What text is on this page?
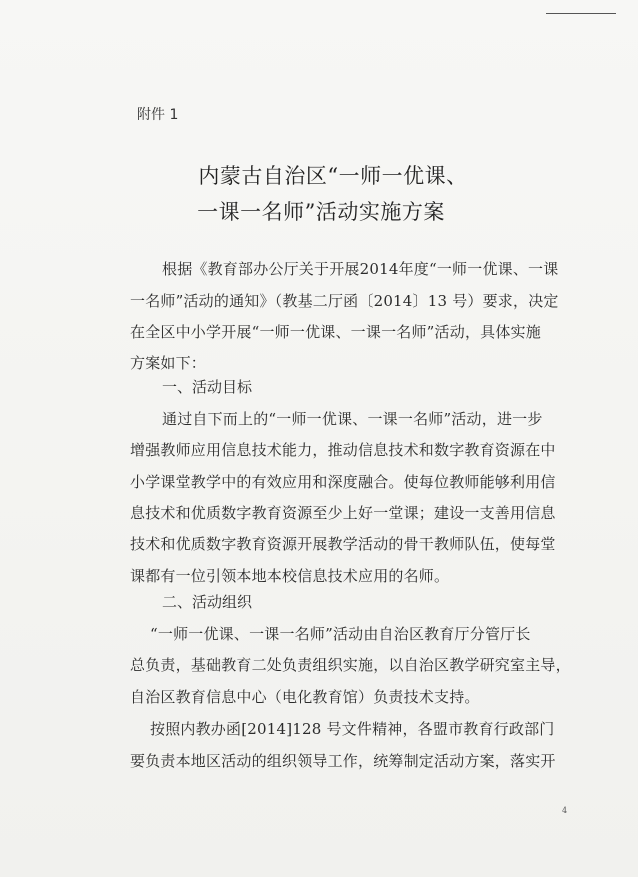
附件 1
内蒙古自治区“一师一优课、
一课一名师”活动实施方案
根据《教育部办公厅关于开展2014年度“一师一优课、一课
一名师”活动的通知》（教基二厅函〔2014〕13 号）要求，决定
在全区中小学开展“一师一优课、一课一名师”活动，具体实施
方案如下：
一、活动目标
通过自下而上的“一师一优课、一课一名师”活动，进一步
增强教师应用信息技术能力，推动信息技术和数字教育资源在中
小学课堂教学中的有效应用和深度融合。使每位教师能够利用信
息技术和优质数字教育资源至少上好一堂课；建设一支善用信息
技术和优质数字教育资源开展教学活动的骨干教师队伍，使每堂
课都有一位引领本地本校信息技术应用的名师。
二、活动组织
“一师一优课、一课一名师”活动由自治区教育厅分管厅长
总负责，基础教育二处负责组织实施，以自治区教学研究室主导，
自治区教育信息中心（电化教育馆）负责技术支持。
按照内教办函[2014]128 号文件精神，各盟市教育行政部门
要负责本地区活动的组织领导工作，统筹制定活动方案，落实开
4
